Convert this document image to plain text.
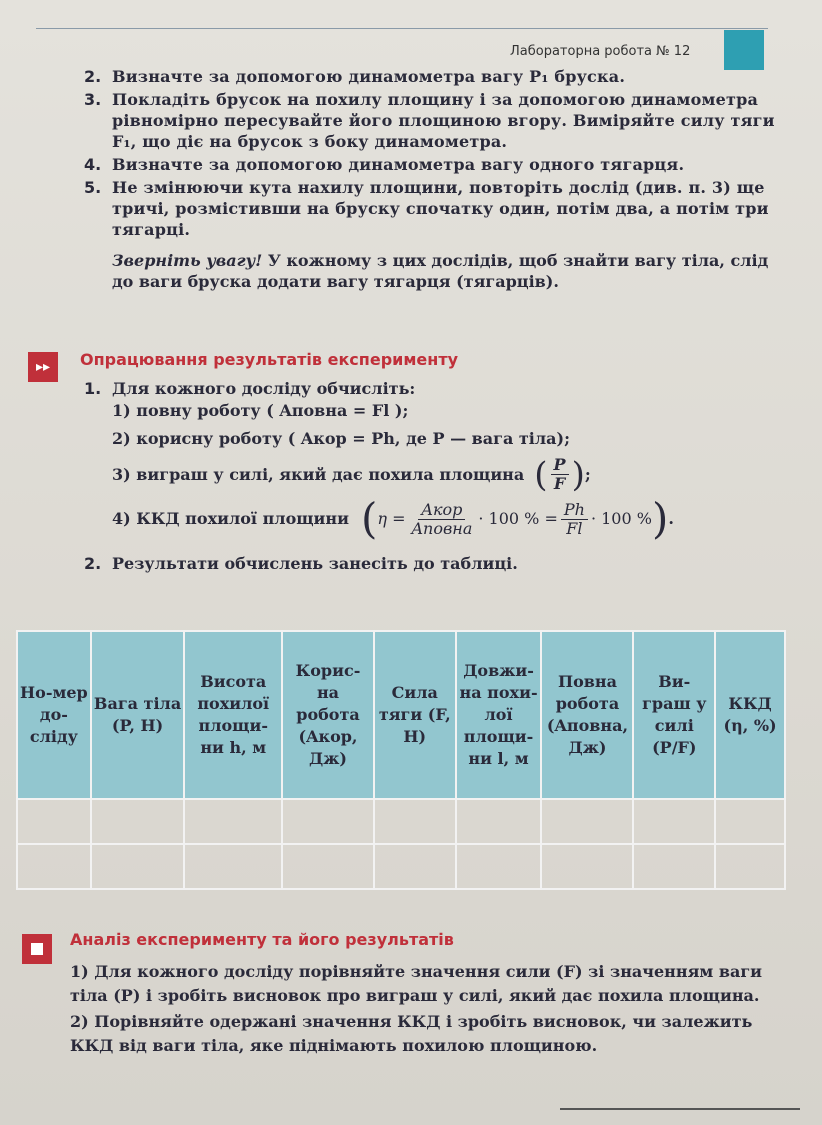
Лабораторна робота № 12
2. Визначте за допомогою динамометра вагу P₁ бруска.
3. Покладіть брусок на похилу площину і за допомогою динамометра рівномірно пересувайте його площиною вгору. Виміряйте силу тяги F₁, що діє на брусок з боку динамометра.
4. Визначте за допомогою динамометра вагу одного тягарця.
5. Не змінюючи кута нахилу площини, повторіть дослід (див. п. 3) ще тричі, розмістивши на бруску спочатку один, потім два, а потім три тягарці.
Зверніть увагу! У кожному з цих дослідів, щоб знайти вагу тіла, слід до ваги бруска додати вагу тягарця (тягарців).
▸▸	Опрацювання результатів експерименту
1. Для кожного досліду обчисліть:
1) повну роботу ( Aповна = Fl );
2) корисну роботу ( Aкор = Ph, де P — вага тіла);
3) виграш у силі, який дає похила площина ( $\frac{P}{F}$ ) ;
4) ККД похилої площини ( $\eta = \frac{\text{Aкор}}{\text{Aповна}} \cdot 100$ % = $\frac{Ph}{Fl} \cdot 100$ % ) .
2. Результати обчислень занесіть до таблиці.
Но-мер до-сліду	Вага тіла (P, Н)	Висота похилої площи-ни h, м	Корис-на робота (Aкор, Дж)	Сила тяги (F, Н)	Довжи-на похи-лої площи-ни l, м	Повна робота (Aповна, Дж)	Ви-граш у силі (P/F)	ККД (η, %)

Аналіз експерименту та його результатів
1) Для кожного досліду порівняйте значення сили (F) зі значенням ваги тіла (P) і зробіть висновок про виграш у силі, який дає похила площина.
2) Порівняйте одержані значення ККД і зробіть висновок, чи залежить ККД від ваги тіла, яке піднімають похилою площиною.
